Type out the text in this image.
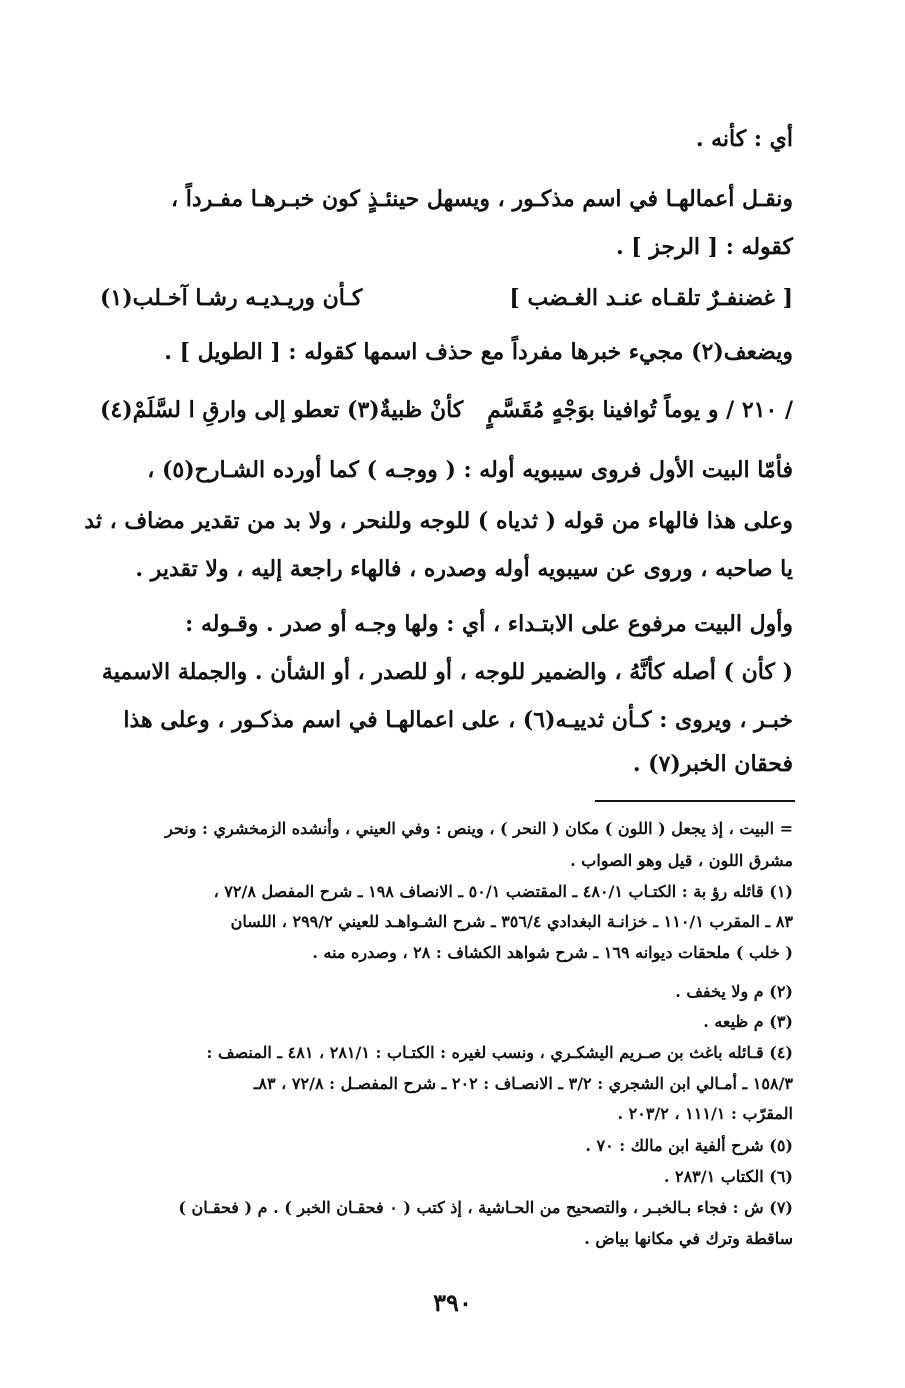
أي : كأنه .
ونقـل أعمالهـا في اسم مذكـور ، ويسهل حينئـذٍ كون خبـرهـا مفـرداً ،
كقوله : [ الرجز ] .
[ غضنفـرٌ تلقـاه عنـد الغـضب ]
كـأن وريـديـه رشـا آخـلب(١)
ويضعف(٢) مجيء خبرها مفرداً مع حذف اسمها كقوله : [ الطويل ] .
/ ٢١٠ / و يوماً تُوافينا بوَجْهٍ مُقَسَّمٍ
كأنْ ظبيةٌ(٣) تعطو إلى وارقِ ا لسَّلَمْ(٤)
فأمّا البيت الأول فروى سيبويه أوله : ( ووجـه ) كما أورده الشـارح(٥) ،
وعلى هذا فالهاء من قوله ( ثدياه ) للوجه وللنحر ، ولا بد من تقدير مضاف ، ثد
يا صاحبه ، وروى عن سيبويه أوله وصدره ، فالهاء راجعة إليه ، ولا تقدير .
وأول البيت مرفوع على الابتـداء ، أي : ولها وجـه أو صدر . وقـوله :
( كأن ) أصله كأنَّهُ ، والضمير للوجه ، أو للصدر ، أو الشأن . والجملة الاسمية
خبـر ، ويروى : كـأن ثدييـه(٦) ، على اعمالهـا في اسم مذكـور ، وعلى هذا
فحقان الخبر(٧) .
= البيت ، إذ يجعل ( اللون ) مكان ( النحر ) ، وينص : وفي العيني ، وأنشده الزمخشري : ونحر
مشرق اللون ، قيل وهو الصواب .
(١) قائله رؤ بة : الكتـاب ٤٨٠/١ ـ المقتضب ٥٠/١ ـ الانصاف ١٩٨ ـ شرح المفصل ٧٢/٨ ،
٨٣ ـ المقرب ١١٠/١ ـ خزانـة البغدادي ٣٥٦/٤ ـ شرح الشـواهـد للعيني ٢٩٩/٢ ، اللسان
( خلب ) ملحقات ديوانه ١٦٩ ـ شرح شواهد الكشاف : ٢٨ ، وصدره منه .
(٢) م ولا يخفف .
(٣) م ظيعه .
(٤) قـائله باغث بن صـريم اليشكـري ، ونسب لغيره : الكتـاب : ٢٨١/١ ، ٤٨١ ـ المنصف :
١٥٨/٣ ـ أمـالي ابن الشجري : ٣/٢ ـ الانصـاف : ٢٠٢ ـ شرح المفصـل : ٧٢/٨ ، ٨٣ـ
المقرّب : ١١١/١ ، ٢٠٣/٢ .
(٥) شرح ألفية ابن مالك : ٧٠ .
(٦) الكتاب ٢٨٣/١ .
(٧) ش : فجاء بـالخبـر ، والتصحيح من الحـاشية ، إذ كتب ( ٠ فحقـان الخبر ) . م ( فحقـان )
ساقطة وترك في مكانها بياض .
٣٩٠
